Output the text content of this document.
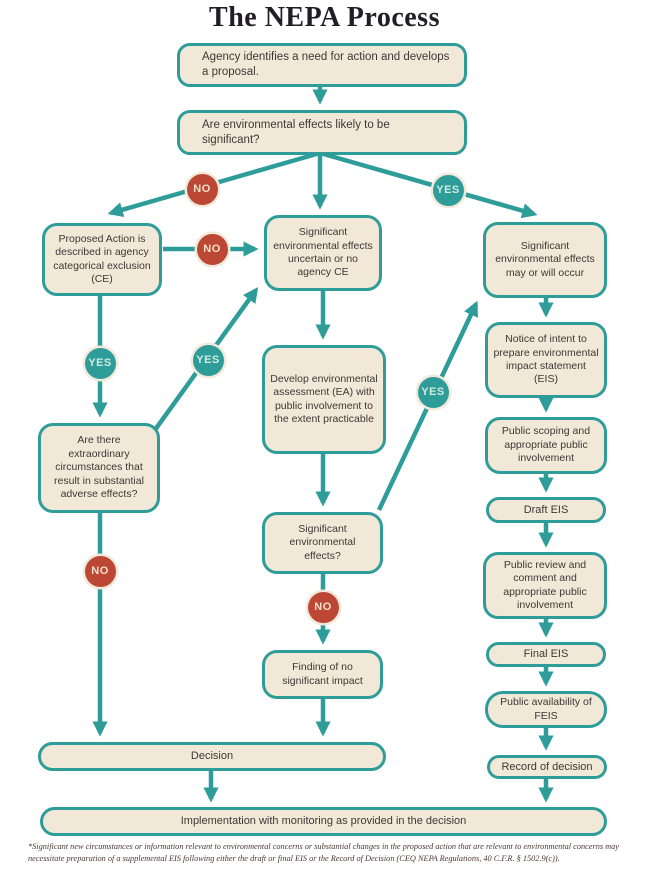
The NEPA Process
Agency identifies a need for action and develops a proposal.
Are environmental effects likely to be significant?
Proposed Action is described in agency categorical exclusion (CE)
Significant environmental effects uncertain or no agency CE
Significant environmental effects may or will occur
Are there extraordinary circumstances that result in substantial adverse effects?
Develop environmental assessment (EA) with public involvement to the extent practicable
Significant environmental effects?
Finding of no significant impact
Notice of intent to prepare environmental impact statement (EIS)
Public scoping and appropriate public involvement
Draft EIS
Public review and comment and appropriate public involvement
Final EIS
Public availability of FEIS
Record of decision
Decision
Implementation with monitoring as provided in the decision
NO	YES
NO
YES	YES
NO
YES
NO
*Significant new circumstances or information relevant to environmental concerns or substantial changes in the proposed action that are relevant to environmental concerns may necessitate preparation of a supplemental EIS following either the draft or final EIS or the Record of Decision (CEQ NEPA Regulations, 40 C.F.R. § 1502.9(c)).
